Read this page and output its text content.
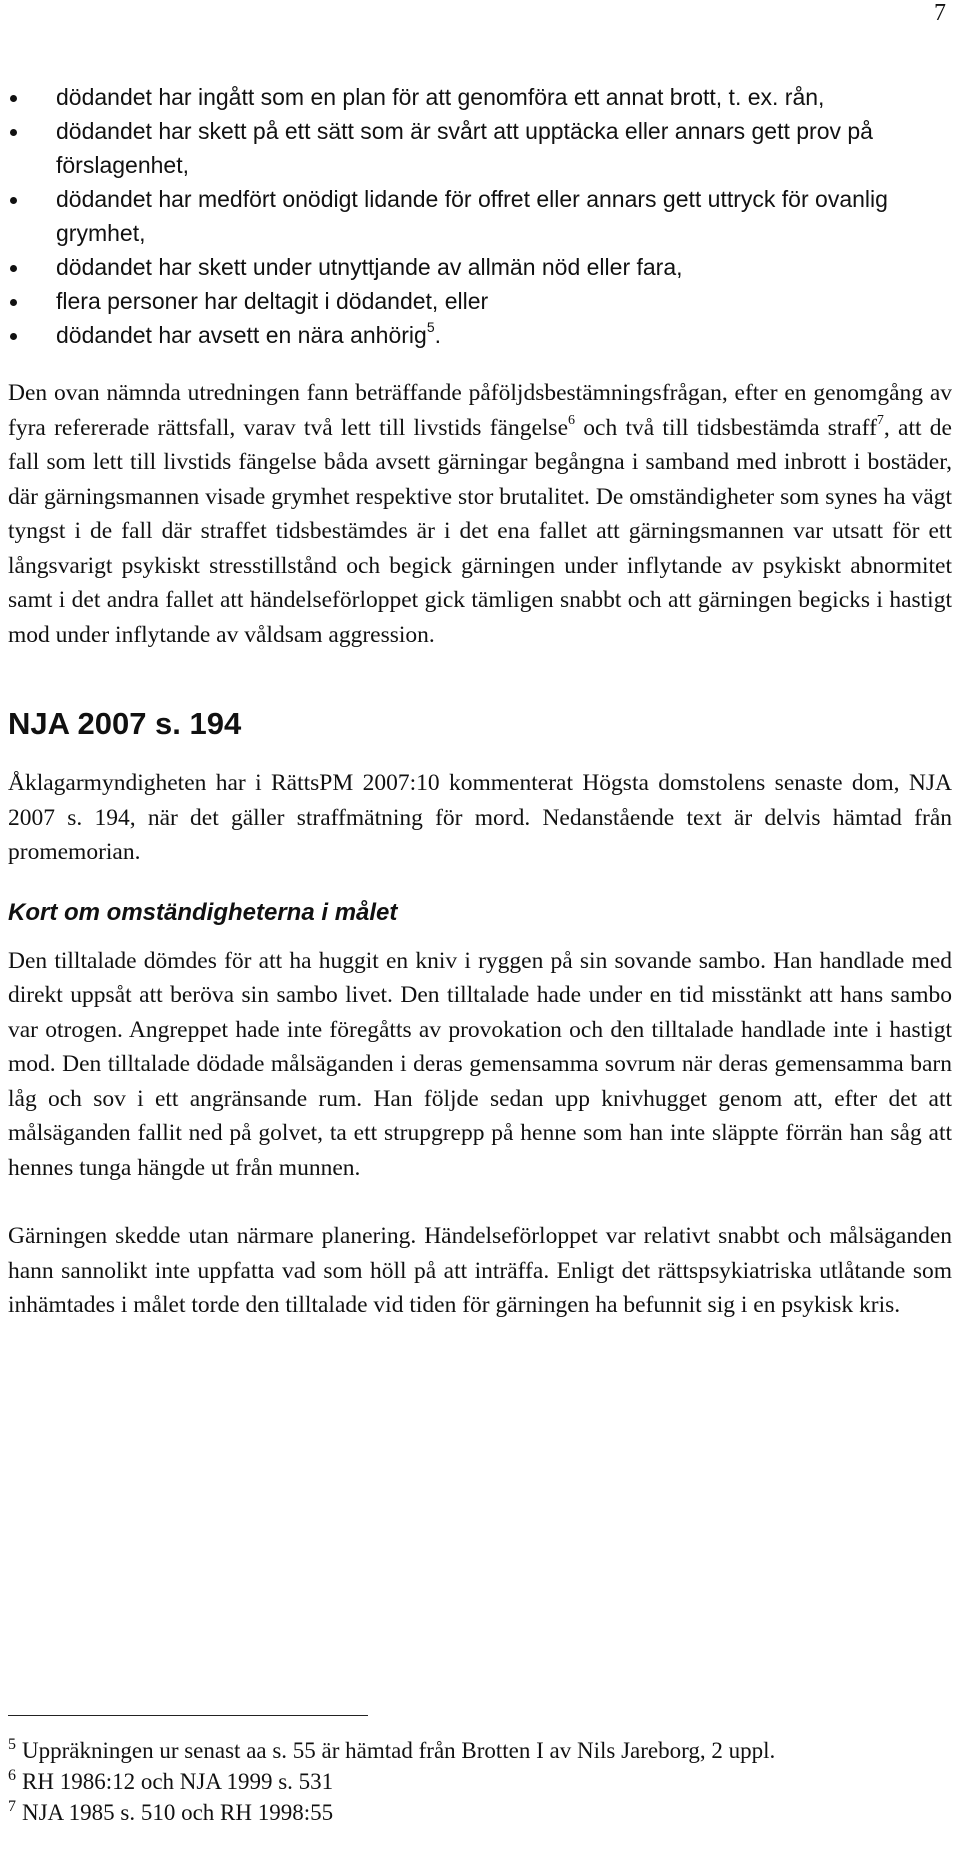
7
dödandet har ingått som en plan för att genomföra ett annat brott, t. ex. rån,
dödandet har skett på ett sätt som är svårt att upptäcka eller annars gett prov på förslagenhet,
dödandet har medfört onödigt lidande för offret eller annars gett uttryck för ovanlig grymhet,
dödandet har skett under utnyttjande av allmän nöd eller fara,
flera personer har deltagit i dödandet, eller
dödandet har avsett en nära anhörig$^5$.

Den ovan nämnda utredningen fann beträffande påföljdsbestämningsfrågan, efter en genomgång av fyra refererade rättsfall, varav två lett till livstids fängelse$^6$ och två till tidsbestämda straff$^7$, att de fall som lett till livstids fängelse båda avsett gärningar begångna i samband med inbrott i bostäder, där gärningsmannen visade grymhet respektive stor brutalitet. De omständigheter som synes ha vägt tyngst i de fall där straffet tidsbestämdes är i det ena fallet att gärningsmannen var utsatt för ett långsvarigt psykiskt stresstillstånd och begick gärningen under inflytande av psykiskt abnormitet samt i det andra fallet att händelseförloppet gick tämligen snabbt och att gärningen begicks i hastigt mod under inflytande av våldsam aggression.

NJA 2007 s. 194

Åklagarmyndigheten har i RättsPM 2007:10 kommenterat Högsta domstolens senaste dom, NJA 2007 s. 194, när det gäller straffmätning för mord. Nedanstående text är delvis hämtad från promemorian.

Kort om omständigheterna i målet

Den tilltalade dömdes för att ha huggit en kniv i ryggen på sin sovande sambo. Han handlade med direkt uppsåt att beröva sin sambo livet. Den tilltalade hade under en tid misstänkt att hans sambo var otrogen. Angreppet hade inte föregåtts av provokation och den tilltalade handlade inte i hastigt mod. Den tilltalade dödade målsäganden i deras gemensamma sovrum när deras gemensamma barn låg och sov i ett angränsande rum. Han följde sedan upp knivhugget genom att, efter det att målsäganden fallit ned på golvet, ta ett strupgrepp på henne som han inte släppte förrän han såg att hennes tunga hängde ut från munnen.

Gärningen skedde utan närmare planering. Händelseförloppet var relativt snabbt och målsäganden hann sannolikt inte uppfatta vad som höll på att inträffa. Enligt det rättspsykiatriska utlåtande som inhämtades i målet torde den tilltalade vid tiden för gärningen ha befunnit sig i en psykisk kris.

$^5$ Uppräkningen ur senast aa s. 55 är hämtad från Brotten I av Nils Jareborg, 2 uppl.

$^6$ RH 1986:12 och NJA 1999 s. 531

$^7$ NJA 1985 s. 510 och RH 1998:55
